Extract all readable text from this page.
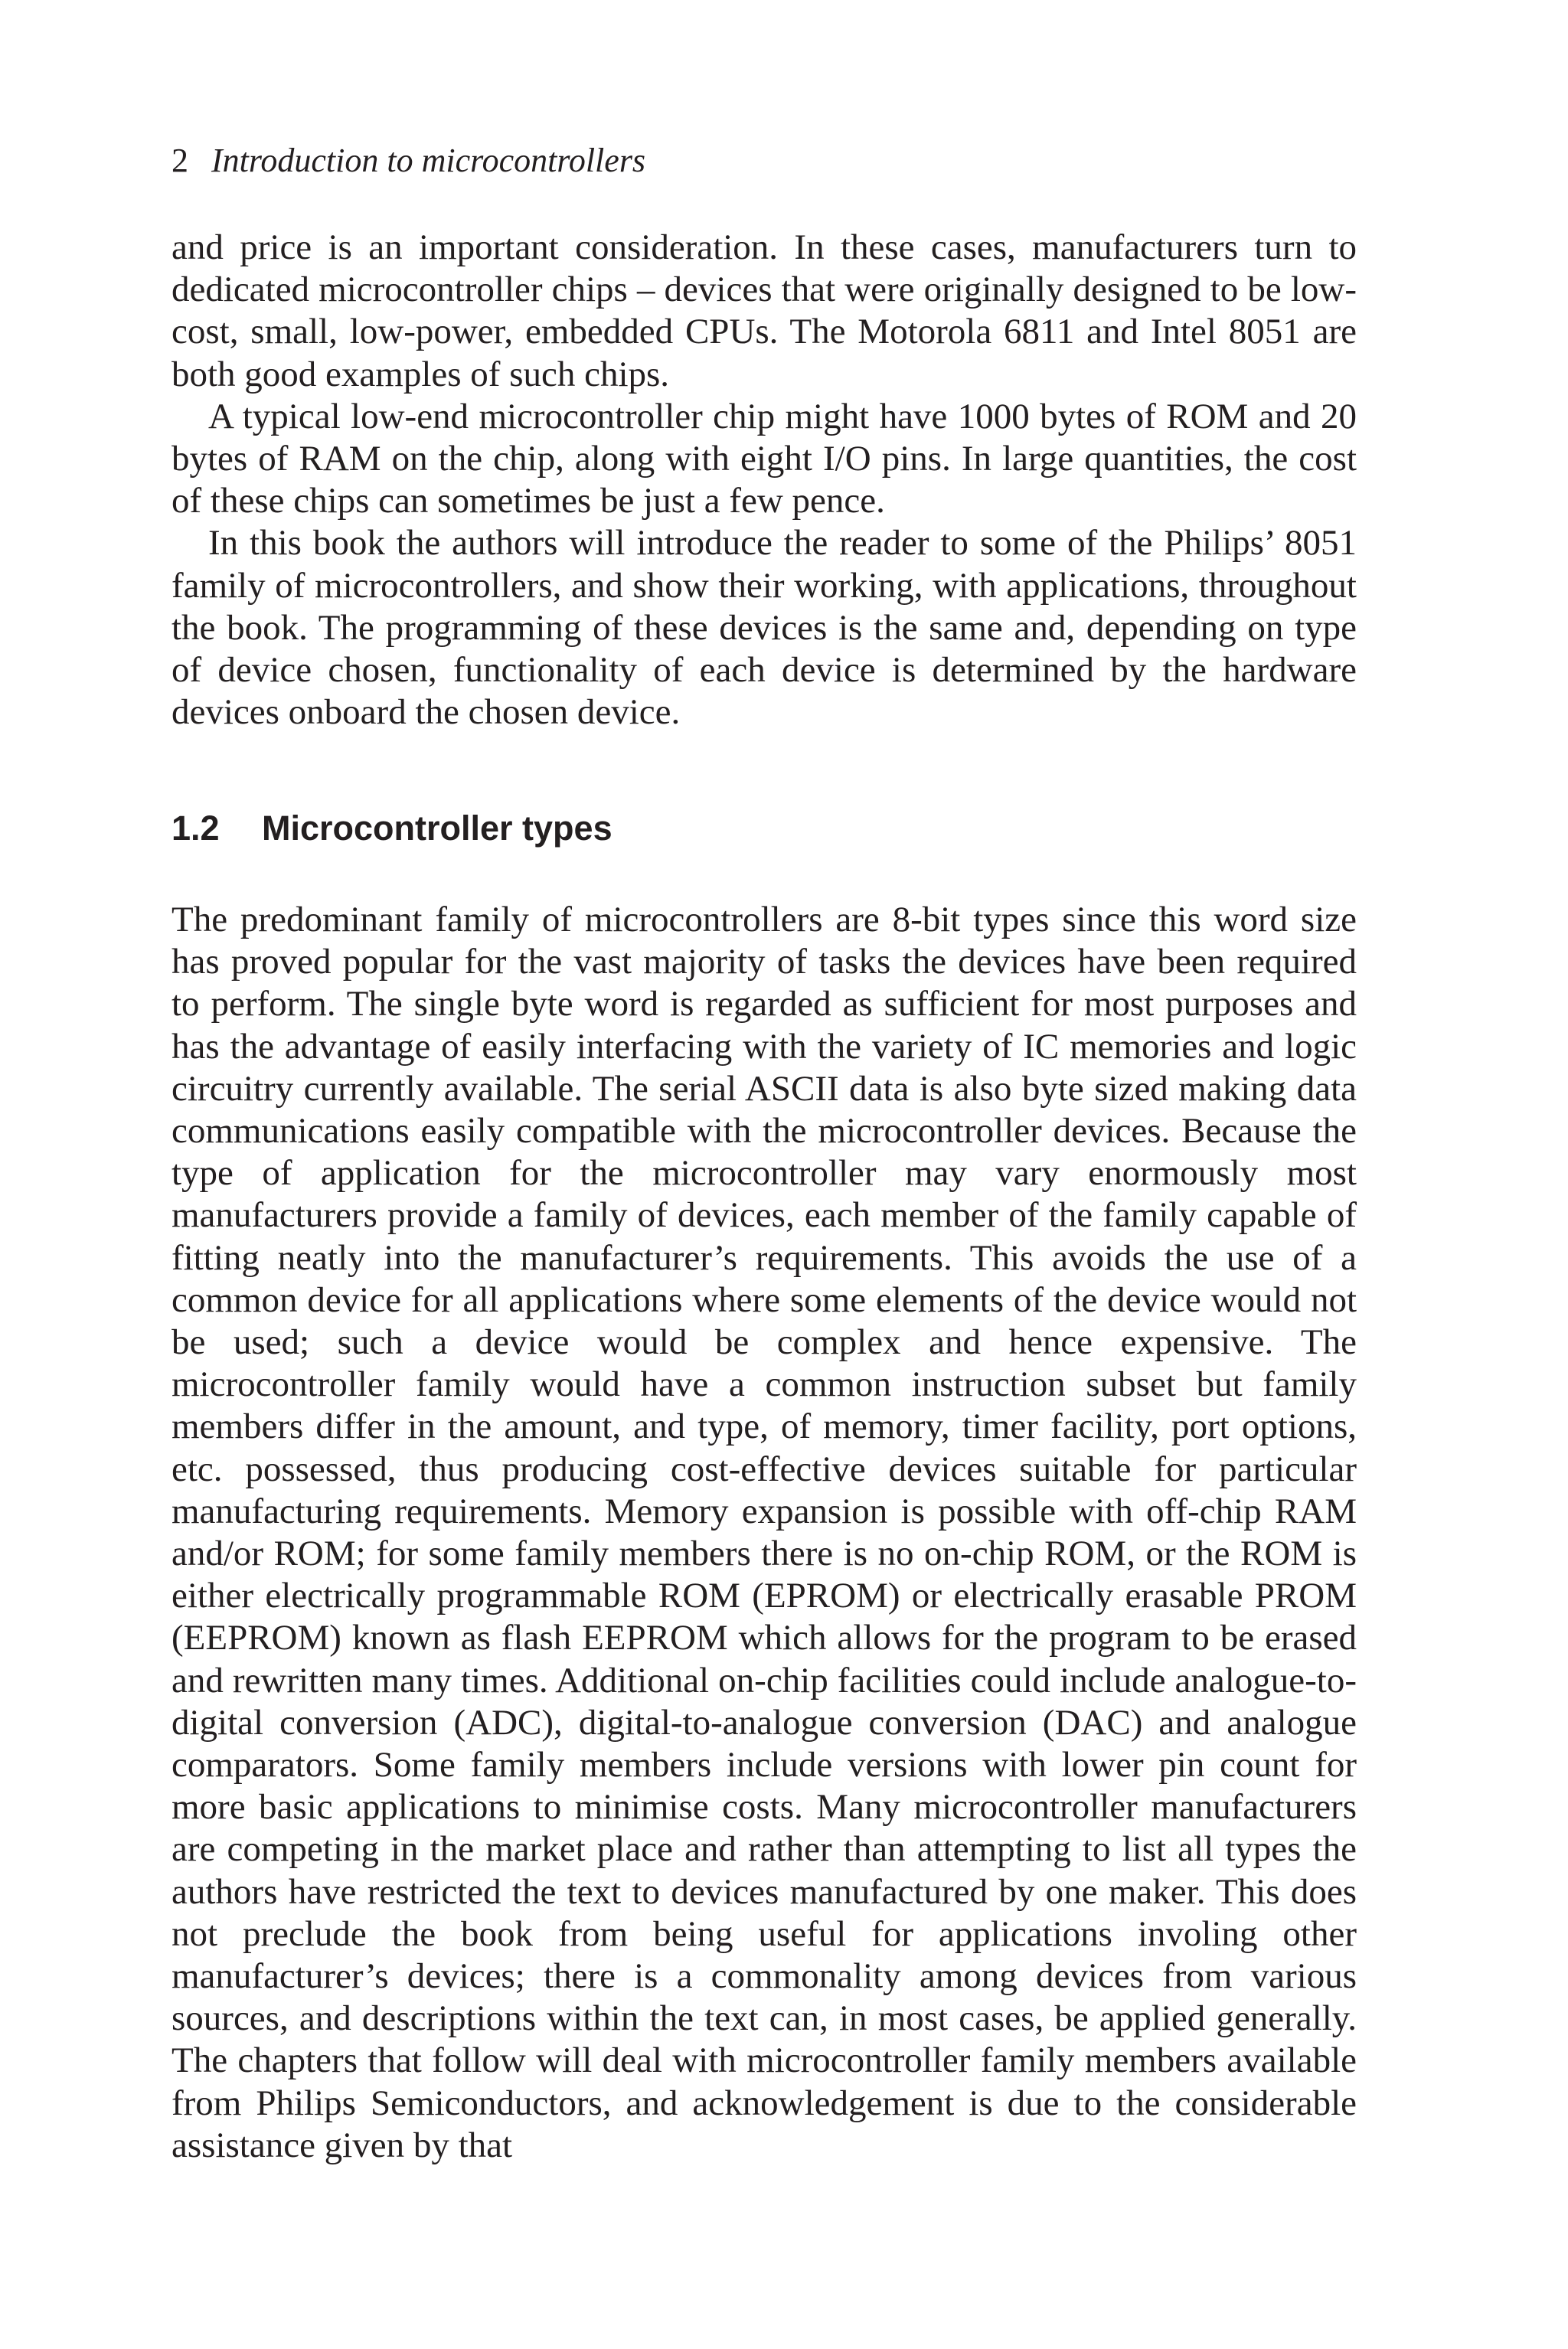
2 Introduction to microcontrollers

and price is an important consideration. In these cases, manufacturers turn to dedicated microcontroller chips – devices that were originally designed to be low-cost, small, low-power, embedded CPUs. The Motorola 6811 and Intel 8051 are both good examples of such chips.

A typical low-end microcontroller chip might have 1000 bytes of ROM and 20 bytes of RAM on the chip, along with eight I/O pins. In large quantities, the cost of these chips can sometimes be just a few pence.

In this book the authors will introduce the reader to some of the Philips’ 8051 family of microcontrollers, and show their working, with applications, throughout the book. The programming of these devices is the same and, depending on type of device chosen, functionality of each device is determined by the hardware devices onboard the chosen device.

1.2 Microcontroller types

The predominant family of microcontrollers are 8-bit types since this word size has proved popular for the vast majority of tasks the devices have been required to perform. The single byte word is regarded as sufficient for most purposes and has the advantage of easily interfacing with the variety of IC memories and logic circuitry currently available. The serial ASCII data is also byte sized making data communications easily compatible with the microcontroller devices. Because the type of application for the microcontroller may vary enormously most manufacturers provide a family of devices, each member of the family capable of fitting neatly into the manufacturer’s requirements. This avoids the use of a common device for all applications where some elements of the device would not be used; such a device would be complex and hence expensive. The microcontroller family would have a common instruction subset but family members differ in the amount, and type, of memory, timer facility, port options, etc. possessed, thus producing cost-effective devices suitable for particular manufacturing requirements. Memory expansion is possible with off-chip RAM and/or ROM; for some family members there is no on-chip ROM, or the ROM is either electrically programmable ROM (EPROM) or electrically erasable PROM (EEPROM) known as flash EEPROM which allows for the program to be erased and rewritten many times. Additional on-chip facilities could include analogue-to-digital conversion (ADC), digital-to-analogue conversion (DAC) and analogue comparators. Some family members include versions with lower pin count for more basic applications to minimise costs. Many microcontroller manufacturers are competing in the market place and rather than attempting to list all types the authors have restricted the text to devices manufactured by one maker. This does not preclude the book from being useful for applications involing other manufacturer’s devices; there is a commonality among devices from various sources, and descriptions within the text can, in most cases, be applied generally. The chapters that follow will deal with microcontroller family members available from Philips Semiconductors, and acknowledgement is due to the considerable assistance given by that
